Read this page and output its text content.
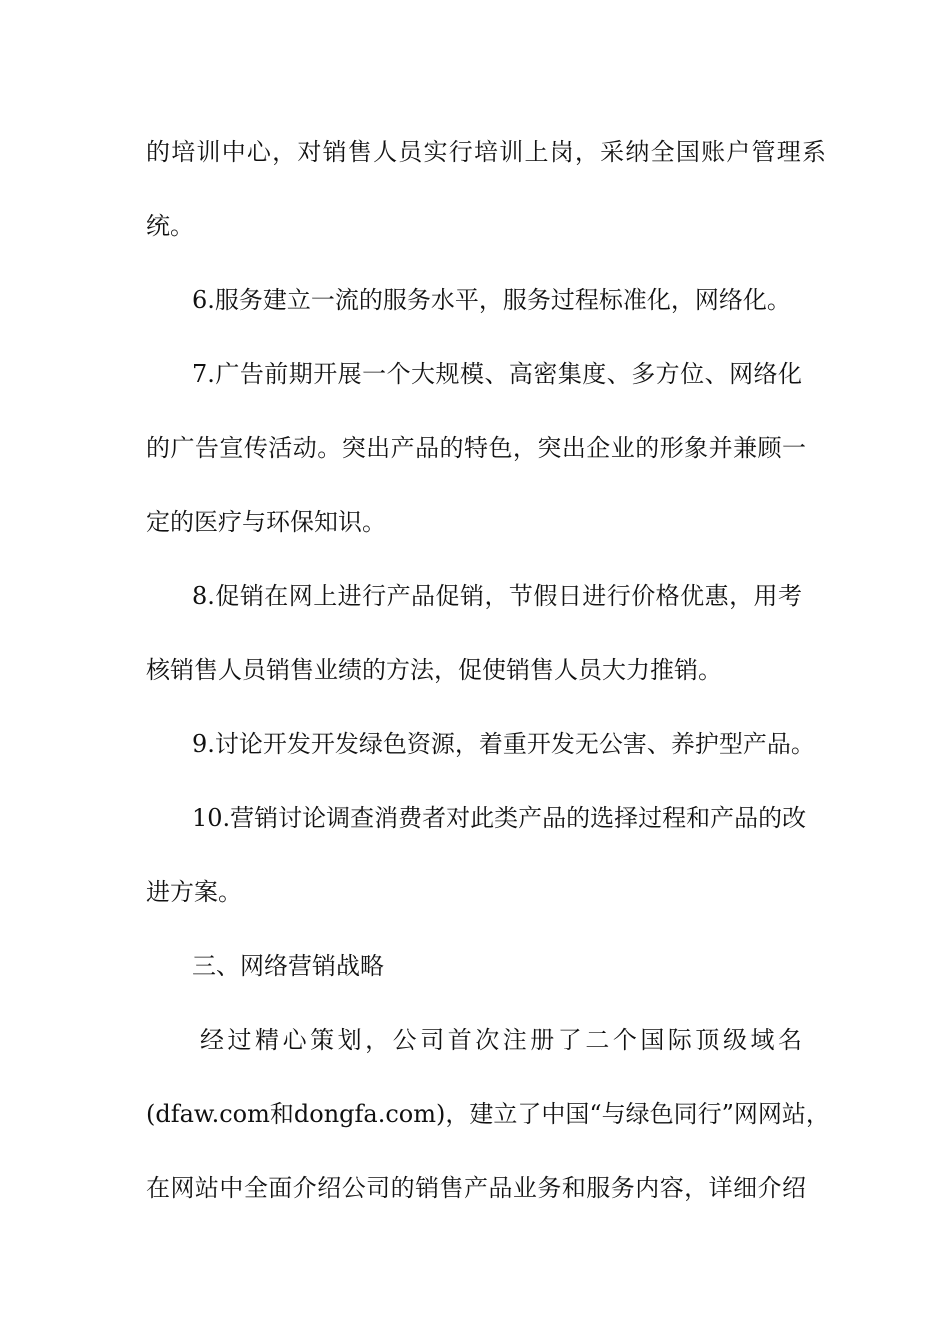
的培训中心，对销售人员实行培训上岗，采纳全国账户管理系
统。
6.服务建立一流的服务水平，服务过程标准化，网络化。
7.广告前期开展一个大规模、高密集度、多方位、网络化
的广告宣传活动。突出产品的特色，突出企业的形象并兼顾一
定的医疗与环保知识。
8.促销在网上进行产品促销，节假日进行价格优惠，用考
核销售人员销售业绩的方法，促使销售人员大力推销。
9.讨论开发开发绿色资源，着重开发无公害、养护型产品。
10.营销讨论调查消费者对此类产品的选择过程和产品的改
进方案。
三、网络营销战略
经过精心策划，公司首次注册了二个国际顶级域名
(dfaw.com和dongfa.com)，建立了中国“与绿色同行”网网站，
在网站中全面介绍公司的销售产品业务和服务内容，详细介绍
